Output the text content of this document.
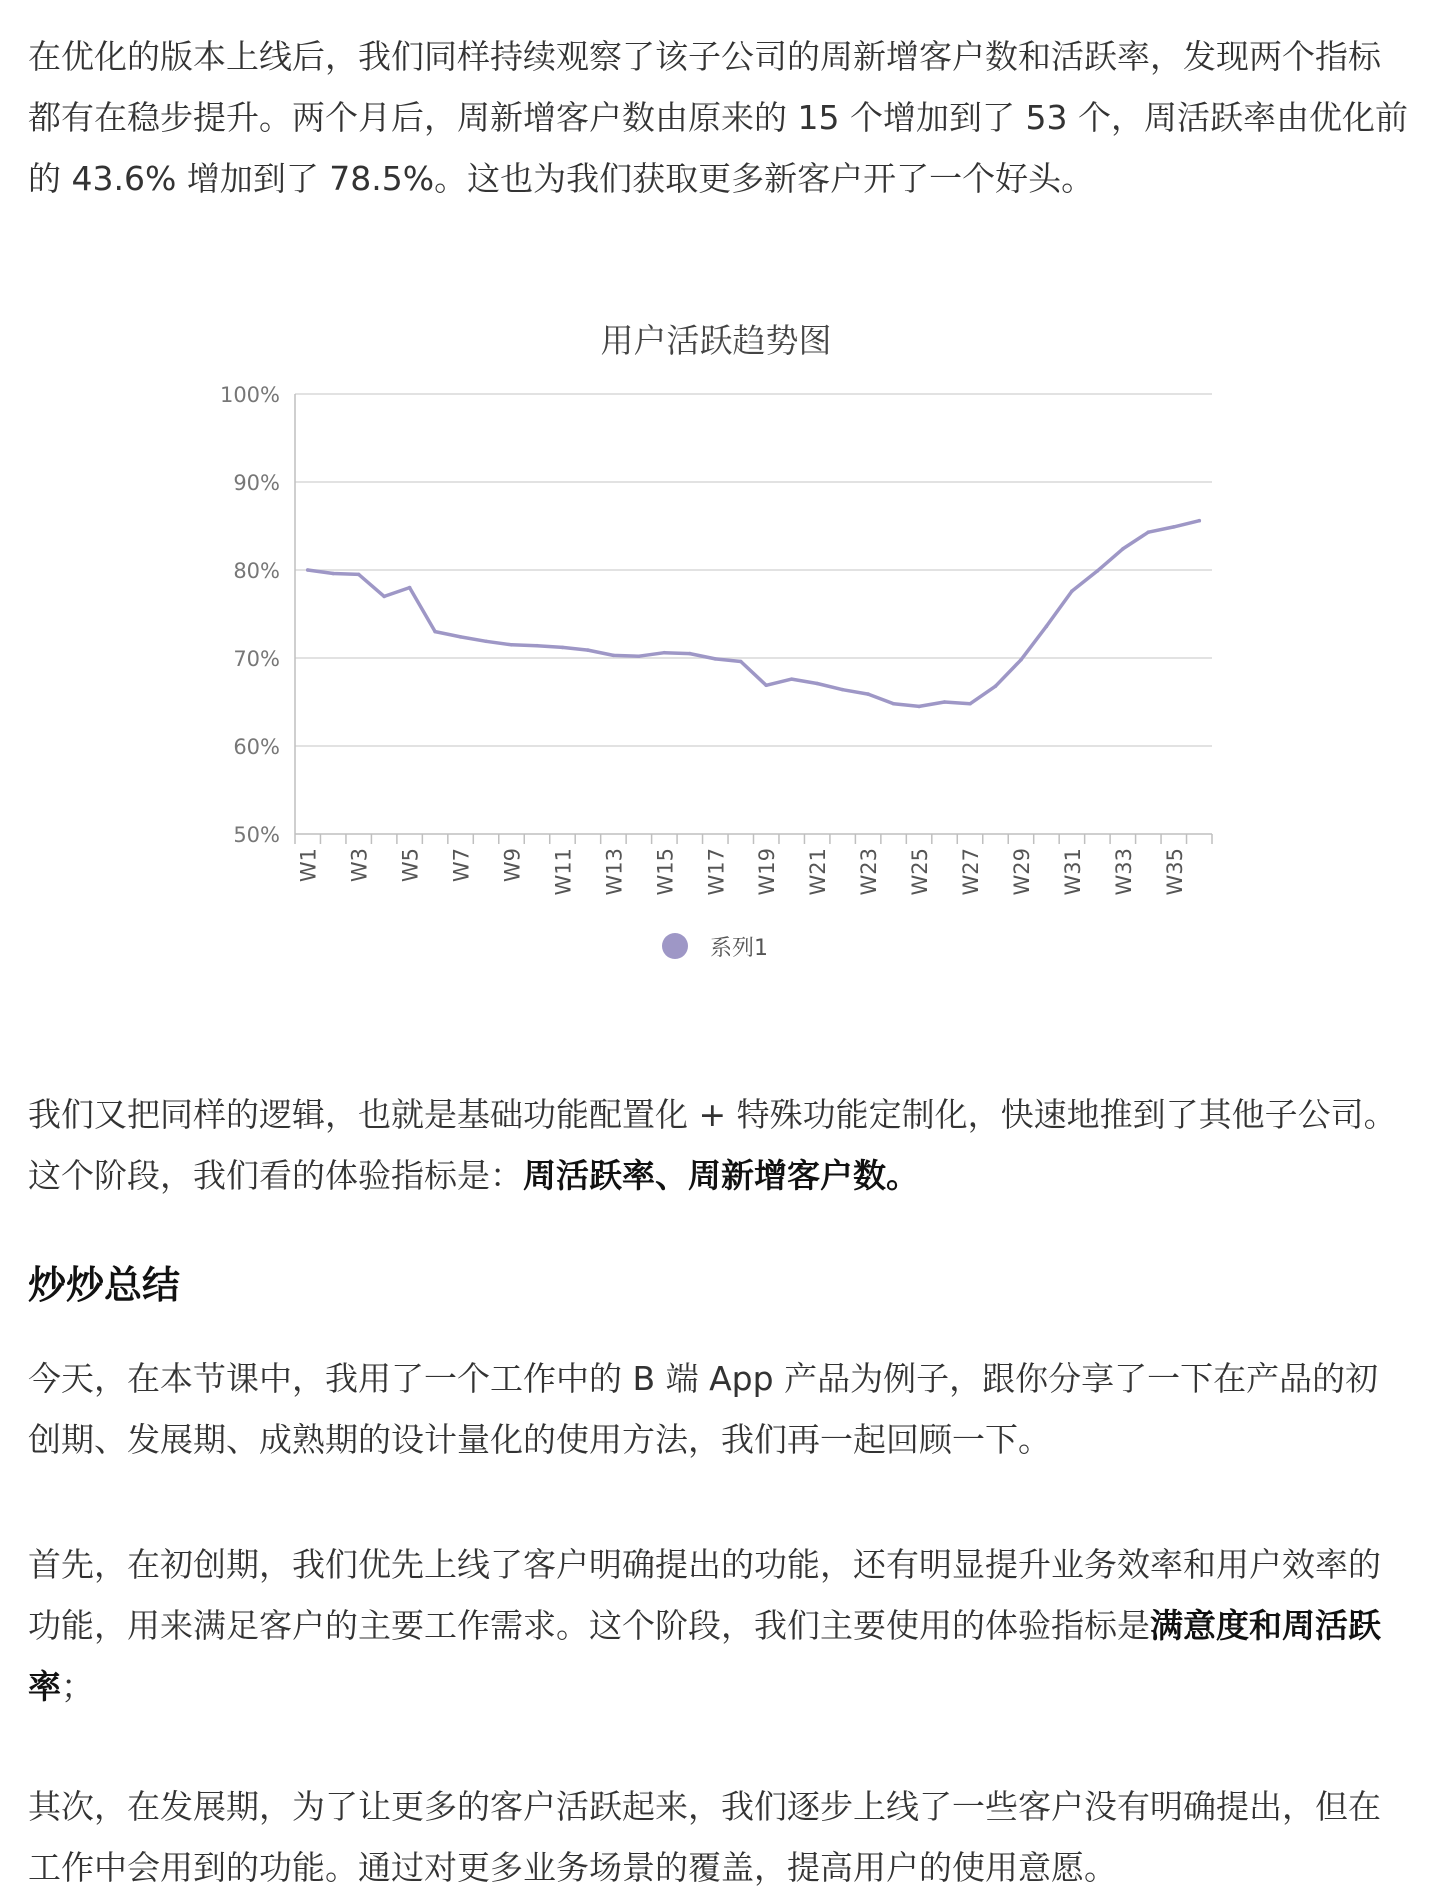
在优化的版本上线后，我们同样持续观察了该子公司的周新增客户数和活跃率，发现两个指标都有在稳步提升。两个月后，周新增客户数由原来的 15 个增加到了 53 个，周活跃率由优化前的 43.6% 增加到了 78.5%。这也为我们获取更多新客户开了一个好头。

用户活跃趋势图
50%
60%
70%
80%
90%
100%
W1 W3 W5 W7 W9 W11 W13 W15 W17 W19 W21 W23 W25 W27 W29 W31 W33 W35
系列1

我们又把同样的逻辑，也就是基础功能配置化 + 特殊功能定制化，快速地推到了其他子公司。这个阶段，我们看的体验指标是：周活跃率、周新增客户数。

炒炒总结

今天，在本节课中，我用了一个工作中的 B 端 App 产品为例子，跟你分享了一下在产品的初创期、发展期、成熟期的设计量化的使用方法，我们再一起回顾一下。

首先，在初创期，我们优先上线了客户明确提出的功能，还有明显提升业务效率和用户效率的功能，用来满足客户的主要工作需求。这个阶段，我们主要使用的体验指标是满意度和周活跃率；

其次，在发展期，为了让更多的客户活跃起来，我们逐步上线了一些客户没有明确提出，但在工作中会用到的功能。通过对更多业务场景的覆盖，提高用户的使用意愿。
